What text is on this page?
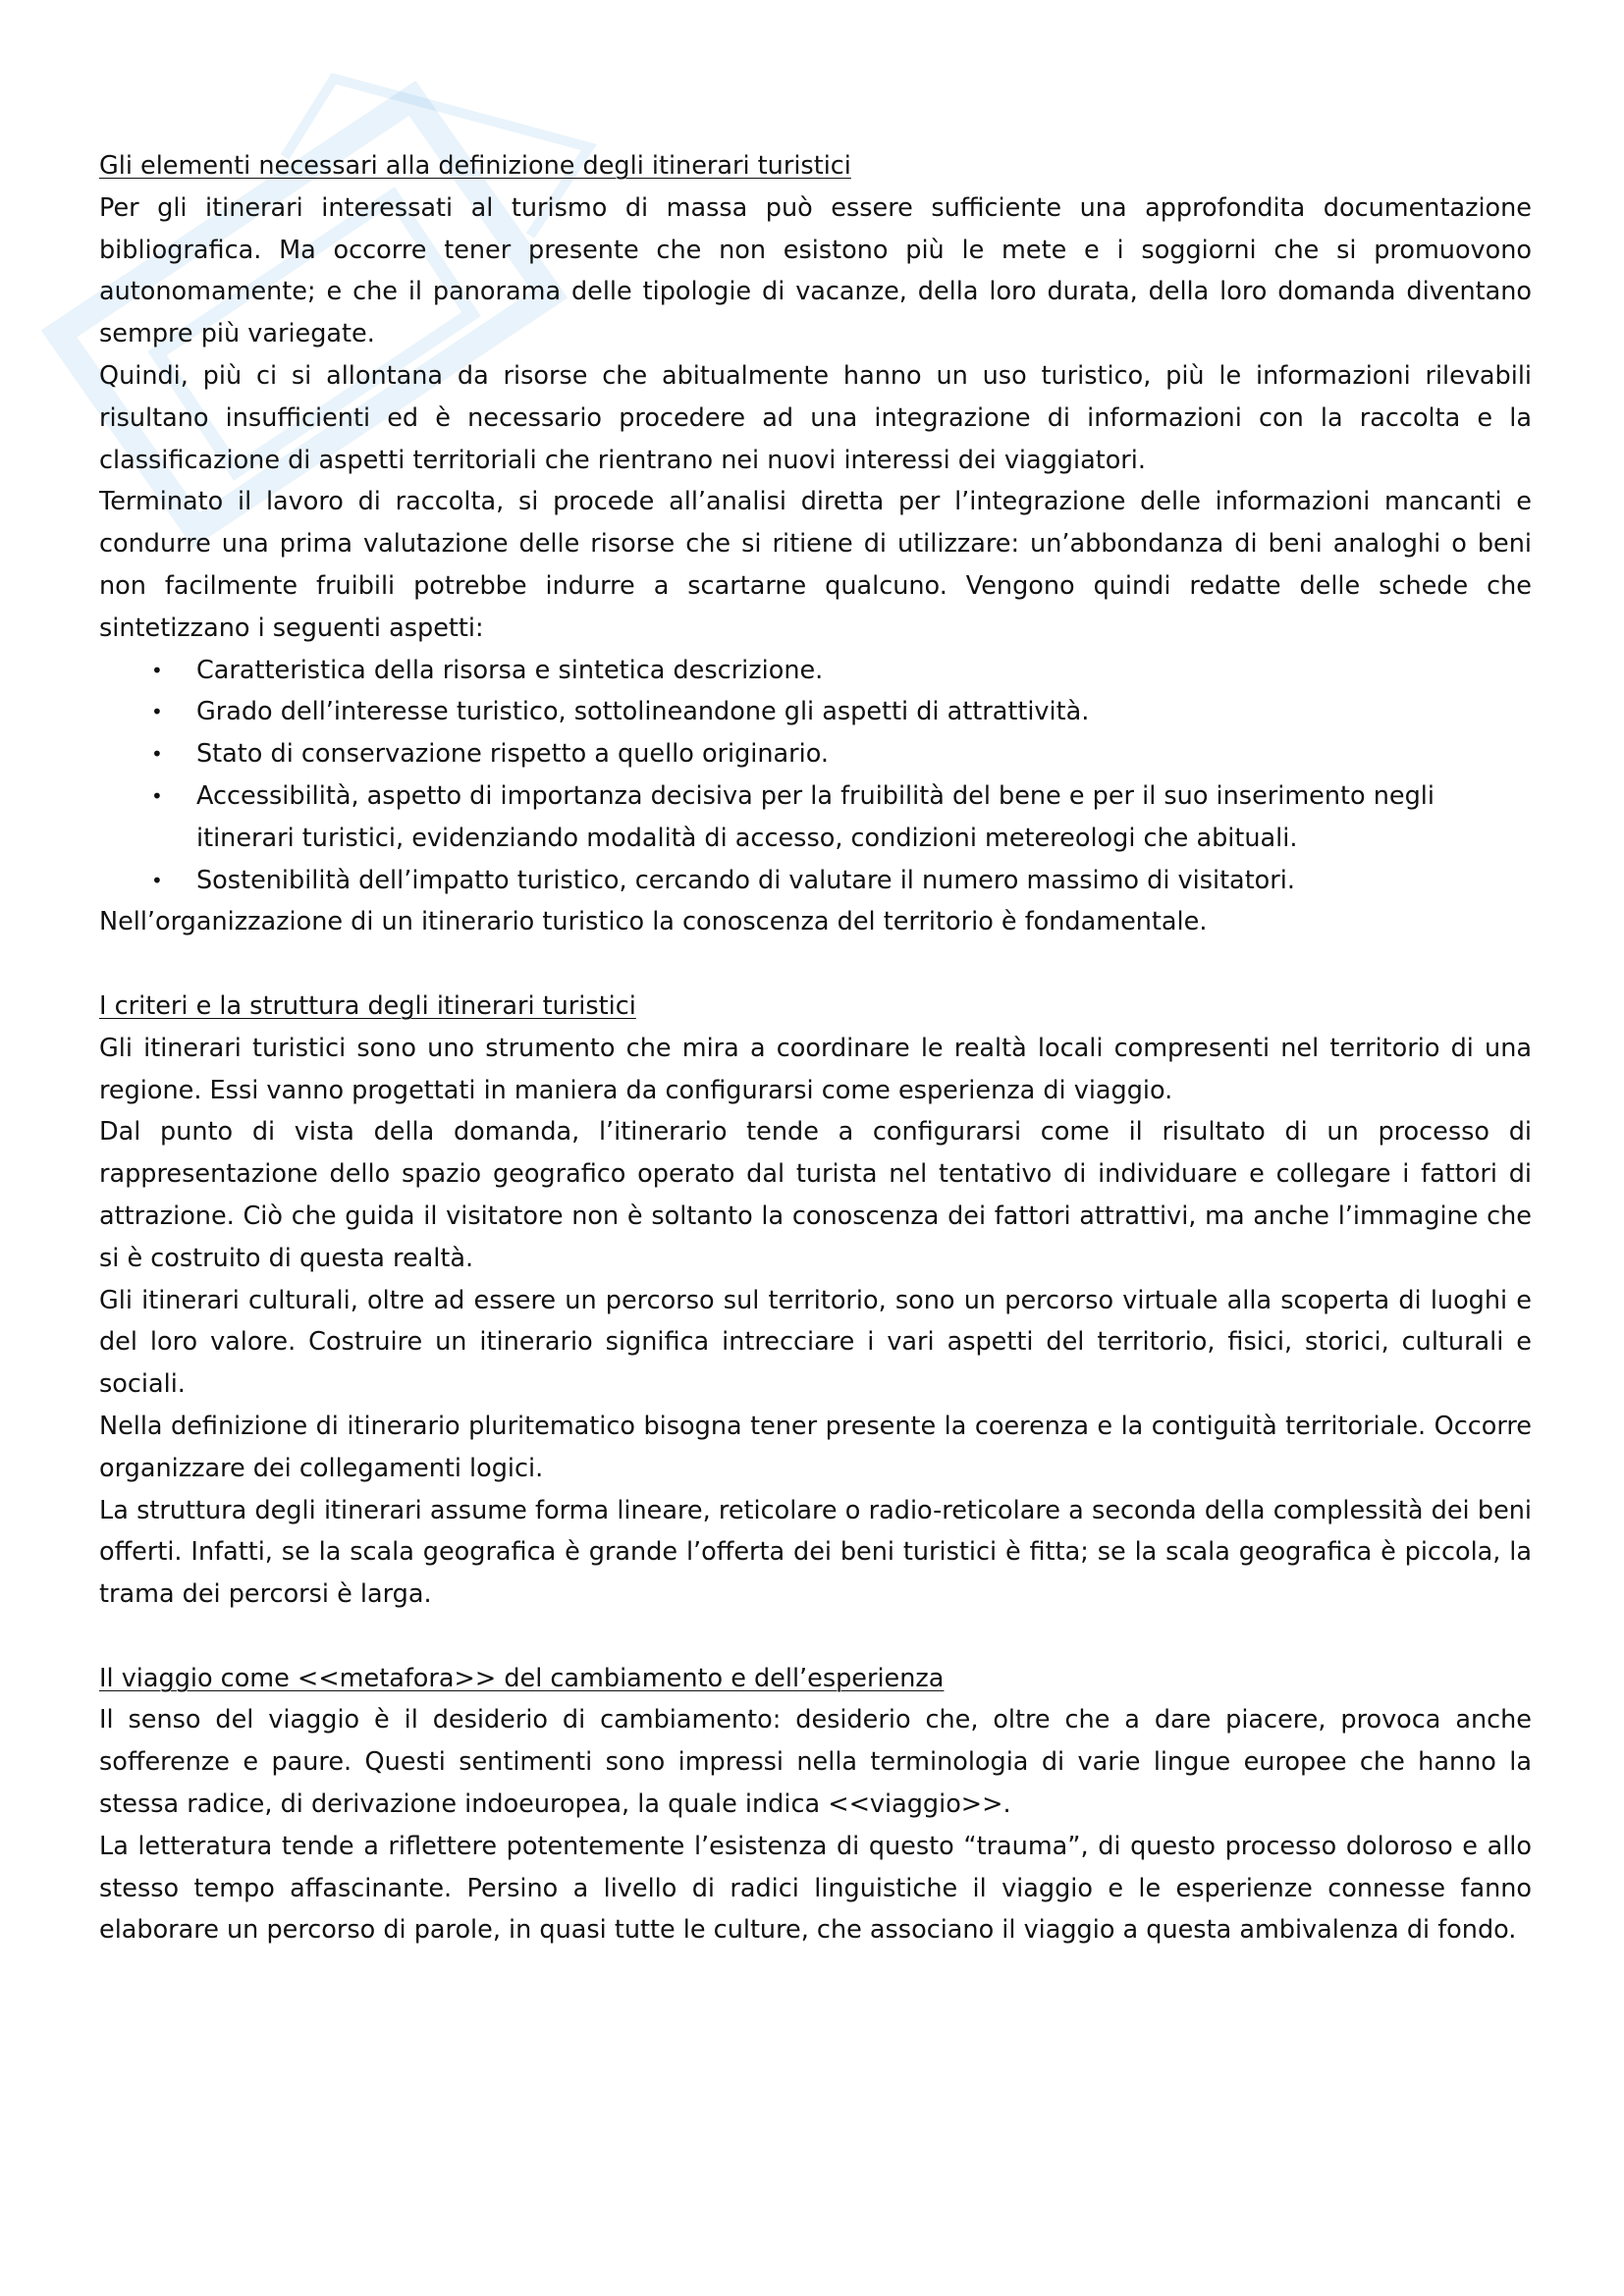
Gli elementi necessari alla definizione degli itinerari turistici

Per gli itinerari interessati al turismo di massa può essere sufficiente una approfondita documentazione bibliografica. Ma occorre tener presente che non esistono più le mete e i soggiorni che si promuovono autonomamente; e che il panorama delle tipologie di vacanze, della loro durata, della loro domanda diventano sempre più variegate.

Quindi, più ci si allontana da risorse che abitualmente hanno un uso turistico, più le informazioni rilevabili risultano insufficienti ed è necessario procedere ad una integrazione di informazioni con la raccolta e la classificazione di aspetti territoriali che rientrano nei nuovi interessi dei viaggiatori.

Terminato il lavoro di raccolta, si procede all’analisi diretta per l’integrazione delle informazioni mancanti e condurre una prima valutazione delle risorse che si ritiene di utilizzare: un’abbondanza di beni analoghi o beni non facilmente fruibili potrebbe indurre a scartarne qualcuno. Vengono quindi redatte delle schede che sintetizzano i seguenti aspetti:

• Caratteristica della risorsa e sintetica descrizione.
• Grado dell’interesse turistico, sottolineandone gli aspetti di attrattività.
• Stato di conservazione rispetto a quello originario.
• Accessibilità, aspetto di importanza decisiva per la fruibilità del bene e per il suo inserimento negli itinerari turistici, evidenziando modalità di accesso, condizioni metereologi che abituali.
• Sostenibilità dell’impatto turistico, cercando di valutare il numero massimo di visitatori.

Nell’organizzazione di un itinerario turistico la conoscenza del territorio è fondamentale.

I criteri e la struttura degli itinerari turistici

Gli itinerari turistici sono uno strumento che mira a coordinare le realtà locali compresenti nel territorio di una regione. Essi vanno progettati in maniera da configurarsi come esperienza di viaggio.

Dal punto di vista della domanda, l’itinerario tende a configurarsi come il risultato di un processo di rappresentazione dello spazio geografico operato dal turista nel tentativo di individuare e collegare i fattori di attrazione. Ciò che guida il visitatore non è soltanto la conoscenza dei fattori attrattivi, ma anche l’immagine che si è costruito di questa realtà.

Gli itinerari culturali, oltre ad essere un percorso sul territorio, sono un percorso virtuale alla scoperta di luoghi e del loro valore. Costruire un itinerario significa intrecciare i vari aspetti del territorio, fisici, storici, culturali e sociali.

Nella definizione di itinerario pluritematico bisogna tener presente la coerenza e la contiguità territoriale. Occorre organizzare dei collegamenti logici.

La struttura degli itinerari assume forma lineare, reticolare o radio-reticolare a seconda della complessità dei beni offerti. Infatti, se la scala geografica è grande l’offerta dei beni turistici è fitta; se la scala geografica è piccola, la trama dei percorsi è larga.

Il viaggio come <<metafora>> del cambiamento e dell’esperienza

Il senso del viaggio è il desiderio di cambiamento: desiderio che, oltre che a dare piacere, provoca anche sofferenze e paure. Questi sentimenti sono impressi nella terminologia di varie lingue europee che hanno la stessa radice, di derivazione indoeuropea, la quale indica <<viaggio>>.

La letteratura tende a riflettere potentemente l’esistenza di questo “trauma”, di questo processo doloroso e allo stesso tempo affascinante. Persino a livello di radici linguistiche il viaggio e le esperienze connesse fanno elaborare un percorso di parole, in quasi tutte le culture, che associano il viaggio a questa ambivalenza di fondo.
